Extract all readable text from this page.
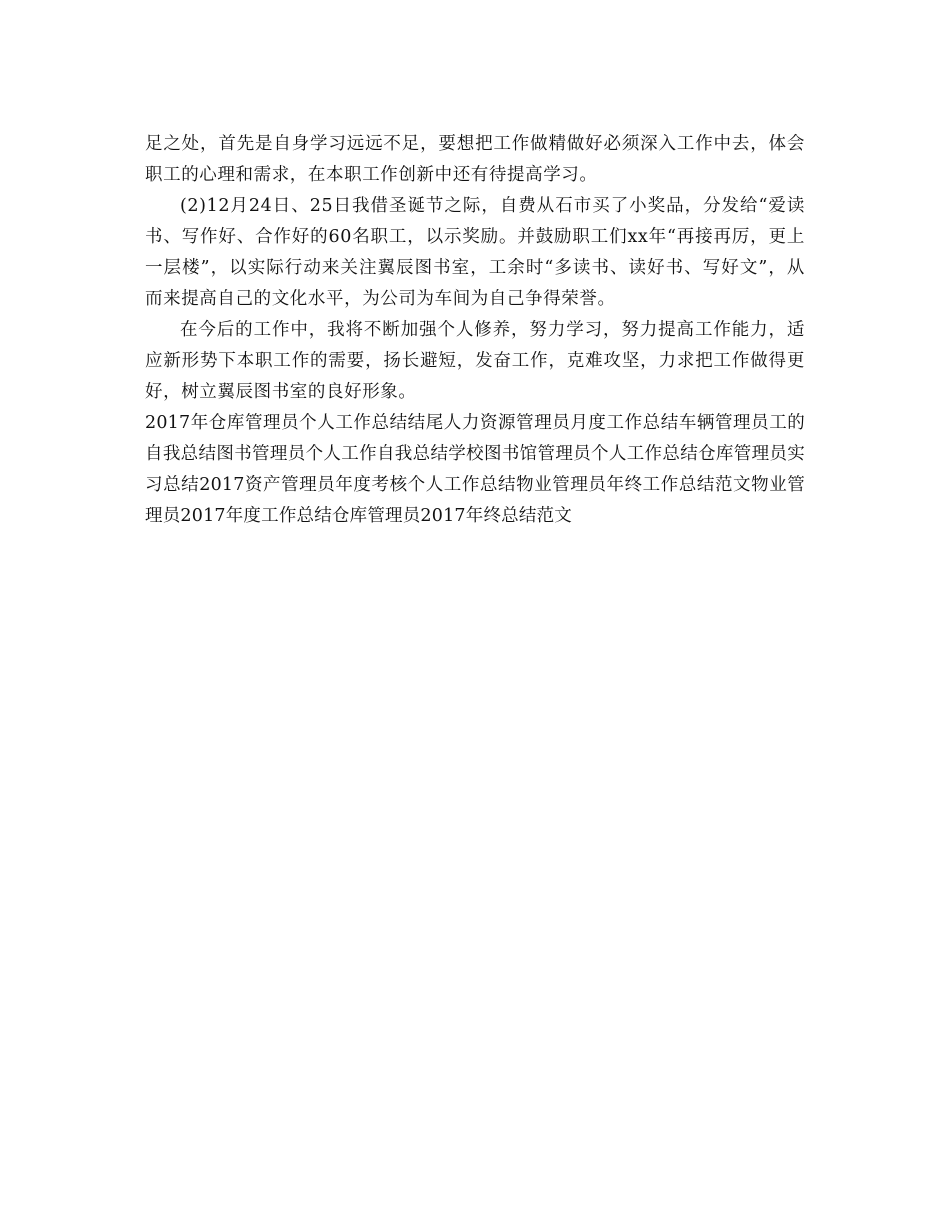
足之处，首先是自身学习远远不足，要想把工作做精做好必须深入工作中去，体会职工的心理和需求，在本职工作创新中还有待提高学习。

(2)12月24日、25日我借圣诞节之际，自费从石市买了小奖品，分发给“爱读书、写作好、合作好的60名职工，以示奖励。并鼓励职工们xx年“再接再厉，更上一层楼”，以实际行动来关注翼辰图书室，工余时“多读书、读好书、写好文”，从而来提高自己的文化水平，为公司为车间为自己争得荣誉。

在今后的工作中，我将不断加强个人修养，努力学习，努力提高工作能力，适应新形势下本职工作的需要，扬长避短，发奋工作，克难攻坚，力求把工作做得更好，树立翼辰图书室的良好形象。

2017年仓库管理员个人工作总结结尾人力资源管理员月度工作总结车辆管理员工的自我总结图书管理员个人工作自我总结学校图书馆管理员个人工作总结仓库管理员实习总结2017资产管理员年度考核个人工作总结物业管理员年终工作总结范文物业管理员2017年度工作总结仓库管理员2017年终总结范文
